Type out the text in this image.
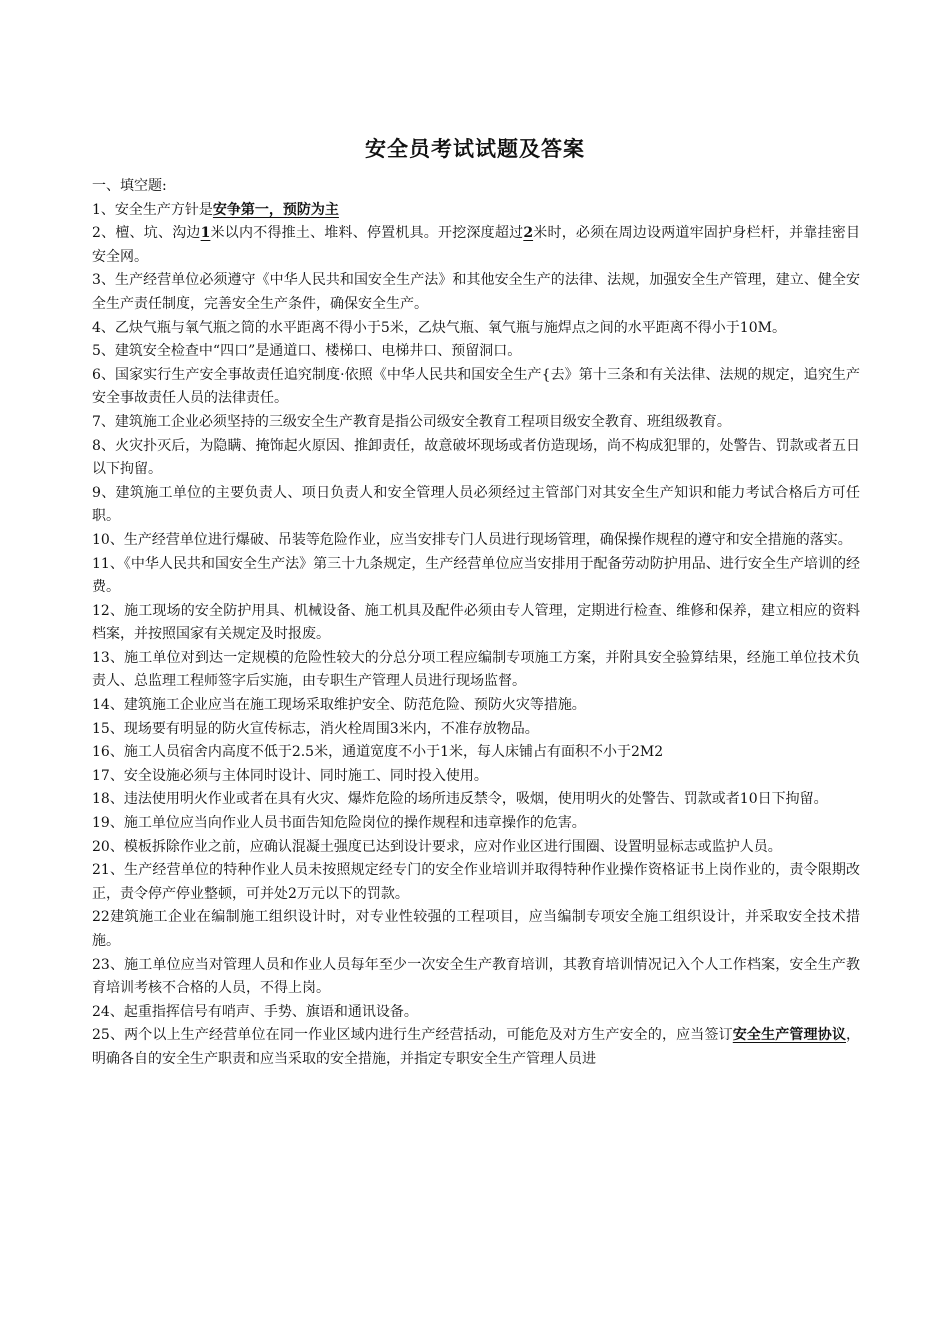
安全员考试试题及答案

一、填空题:

1、安全生产方针是安争第一，预防为主

2、檀、坑、沟边1米以内不得推土、堆料、停置机具。开挖深度超过2米时，必须在周边设两道牢固护身栏杆，并靠挂密目安全网。

3、生产经营单位必须遵守《中华人民共和国安全生产法》和其他安全生产的法律、法规，加强安全生产管理，建立、健全安全生产责任制度，完善安全生产条件，确保安全生产。

4、乙炔气瓶与氧气瓶之筒的水平距离不得小于5米，乙炔气瓶、氧气瓶与施焊点之间的水平距离不得小于10M。

5、建筑安全检查中“四口”是通道口、楼梯口、电梯井口、预留洞口。

6、国家实行生产安全事故责任追究制度·依照《中华人民共和国安全生产{去》第十三条和有关法律、法规的规定，追究生产安全事故责任人员的法律责任。

7、建筑施工企业必须坚持的三级安全生产教育是指公司级安全教育工程项目级安全教育、班组级教育。

8、火灾扑灭后，为隐瞒、掩饰起火原因、推卸责任，故意破坏现场或者仿造现场，尚不构成犯罪的，处警告、罚款或者五日以下拘留。

9、建筑施工单位的主要负责人、项日负责人和安全管理人员必须经过主管部门对其安全生产知识和能力考试合格后方可任职。

10、生产经营单位进行爆破、吊装等危险作业，应当安排专门人员进行现场管理，确保操作规程的遵守和安全措施的落实。

11、《中华人民共和国安全生产法》第三十九条规定，生产经营单位应当安排用于配备劳动防护用品、进行安全生产培训的经费。

12、施工现场的安全防护用具、机械设备、施工机具及配件必须由专人管理，定期进行检查、维修和保养，建立相应的资料档案，并按照国家有关规定及时报废。

13、施工单位对到达一定规模的危险性较大的分总分项工程应编制专项施工方案，并附具安全验算结果，经施工单位技术负责人、总监理工程师签字后实施，由专职生产管理人员进行现场监督。

14、建筑施工企业应当在施工现场采取维护安全、防范危险、预防火灾等措施。

15、现场要有明显的防火宣传标志，消火栓周围3米内，不准存放物品。

16、施工人员宿舍内高度不低于2.5米，通道宽度不小于1米，每人床铺占有面积不小于2M2

17、安全设施必须与主体同时设计、同时施工、同时投入使用。

18、违法使用明火作业或者在具有火灾、爆炸危险的场所违反禁令，吸烟，使用明火的处警告、罚款或者10日下拘留。

19、施工单位应当向作业人员书面告知危险岗位的操作规程和违章操作的危害。

20、模板拆除作业之前，应确认混凝土强度已达到设计要求，应对作业区进行围圈、设置明显标志或监护人员。

21、生产经营单位的特种作业人员未按照规定经专门的安全作业培训并取得特种作业操作资格证书上岗作业的，责令限期改正，责令停产停业整顿，可并处2万元以下的罚款。

22建筑施工企业在编制施工组织设计时，对专业性较强的工程项目，应当编制专项安全施工组织设计，并采取安全技术措施。

23、施工单位应当对管理人员和作业人员每年至少一次安全生产教育培训，其教育培训情况记入个人工作档案，安全生产教育培训考核不合格的人员，不得上岗。

24、起重指挥信号有哨声、手势、旗语和通讯设备。

25、两个以上生产经营单位在同一作业区域内进行生产经营括动，可能危及对方生产安全的，应当签订安全生产管理协议，明确各自的安全生产职责和应当采取的安全措施，并指定专职安全生产管理人员进
